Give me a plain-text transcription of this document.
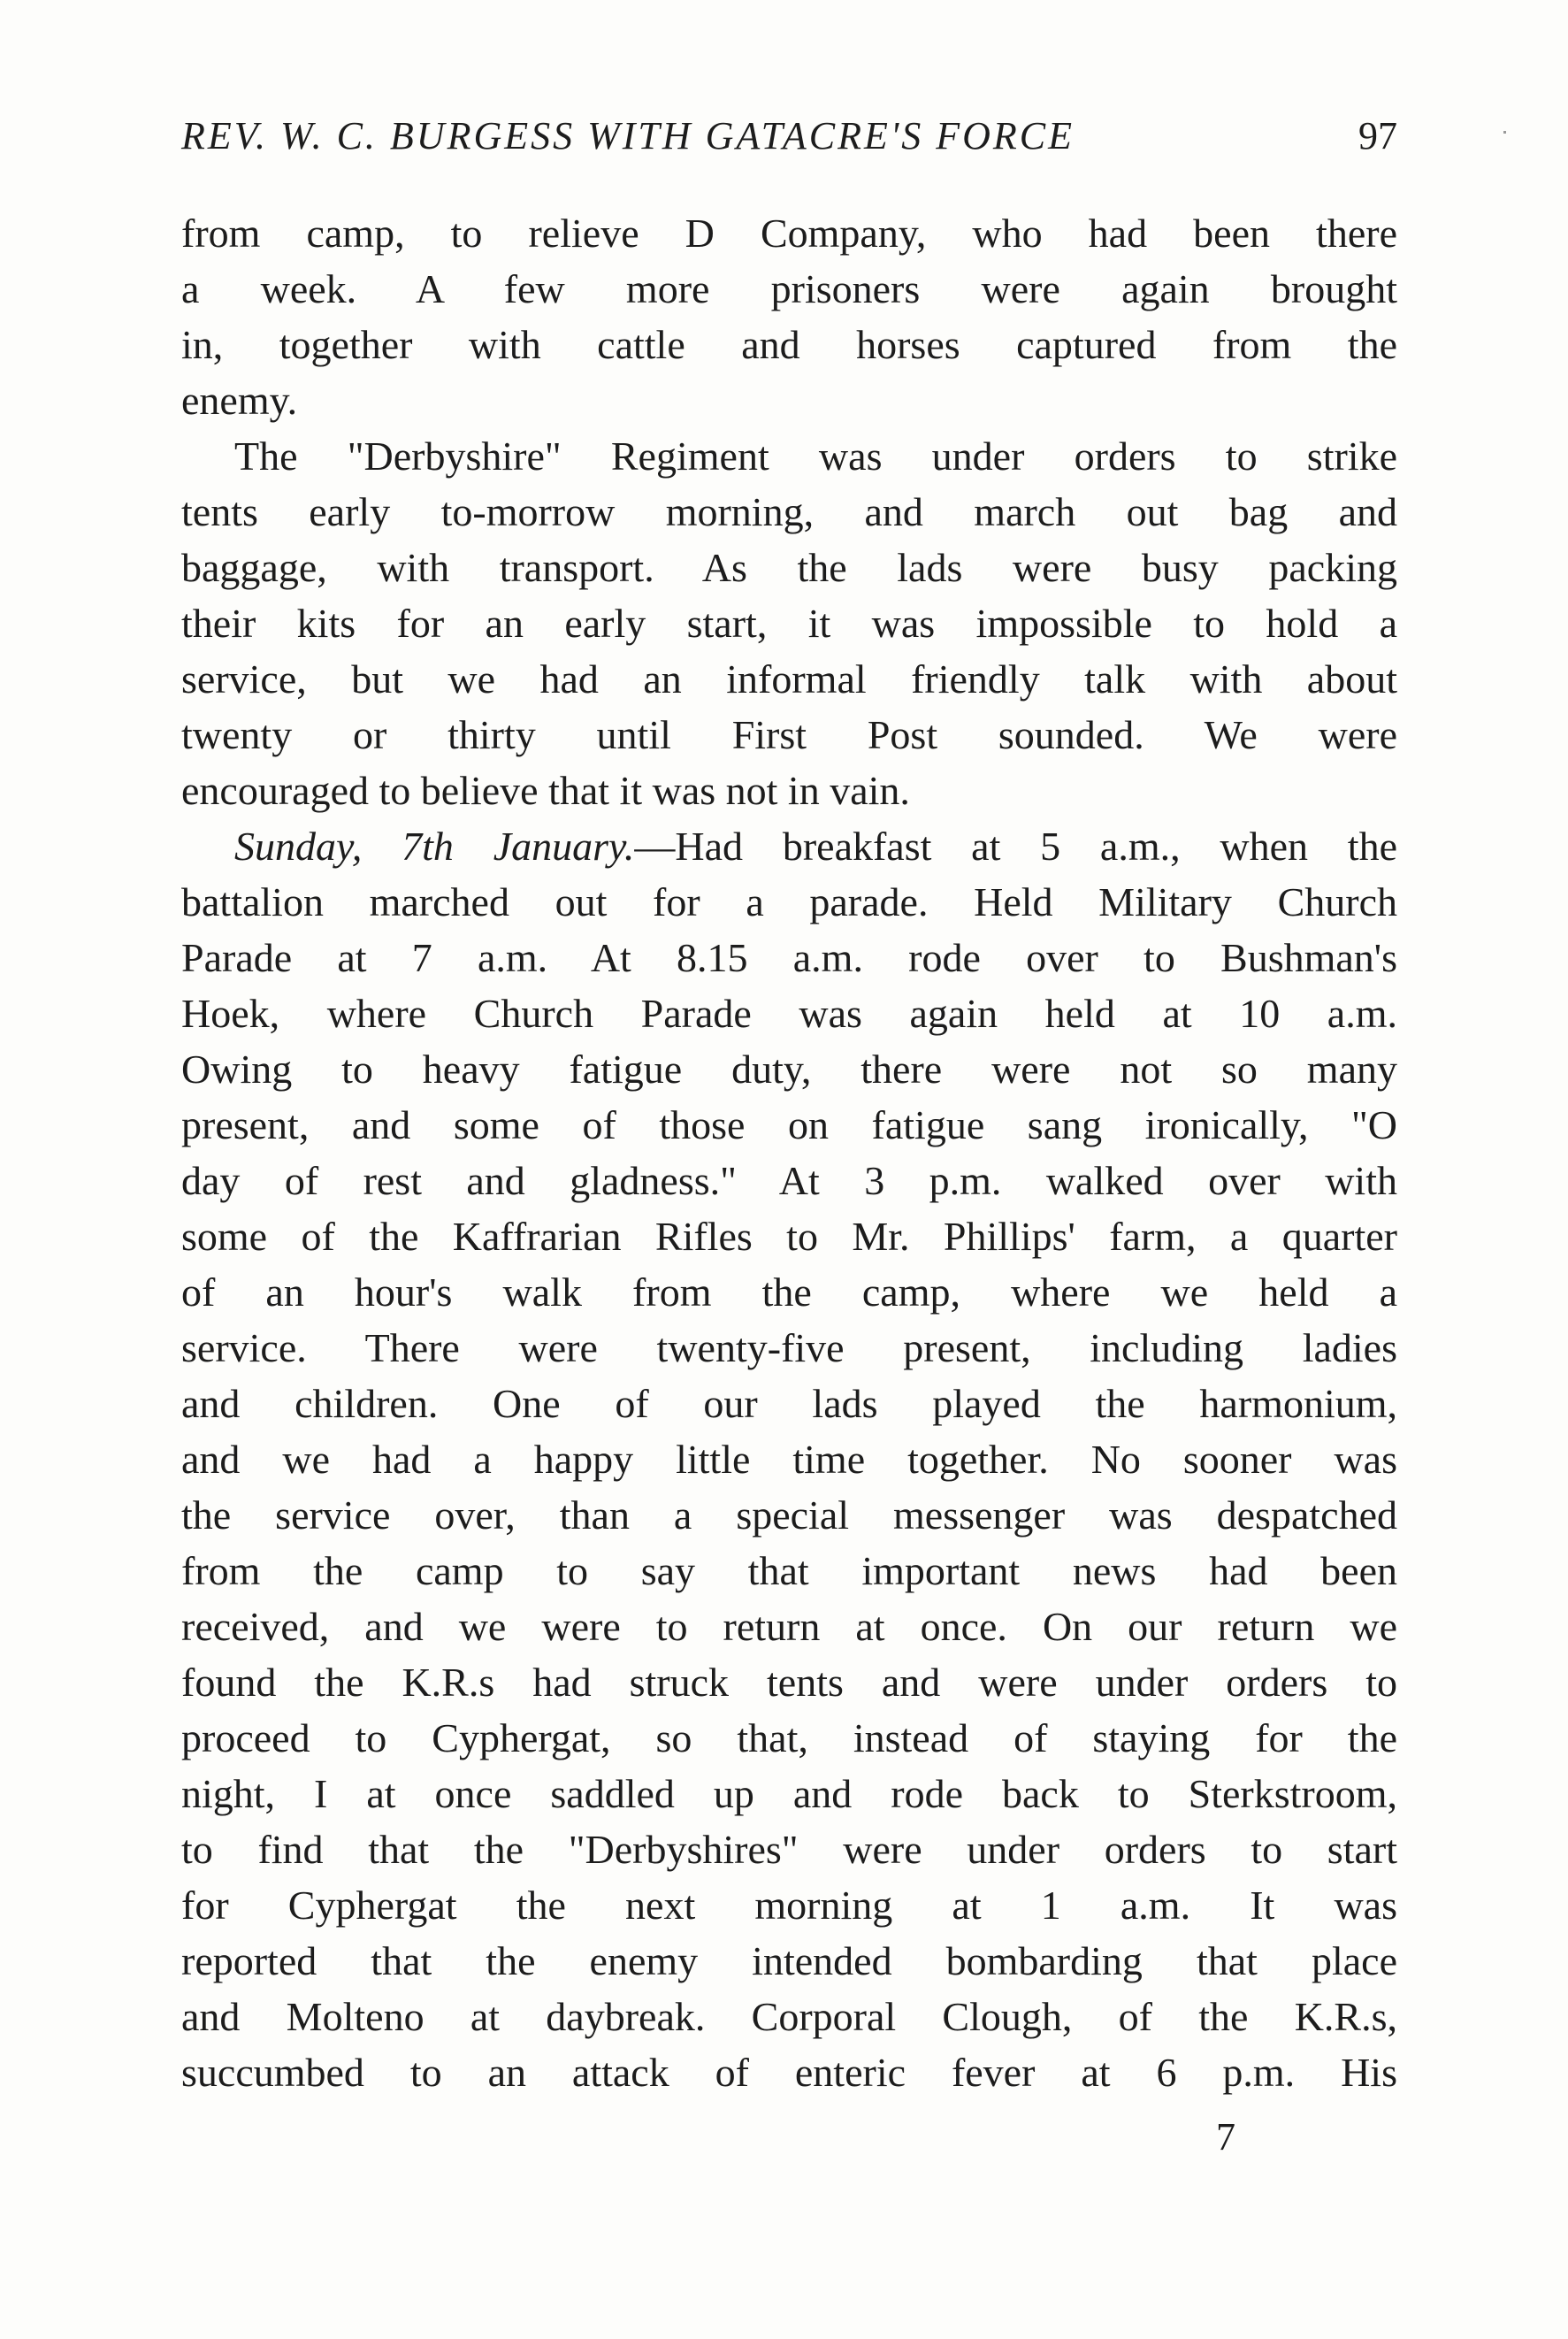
REV. W. C. BURGESS WITH GATACRE'S FORCE	97
from camp, to relieve D Company, who had been there
a week. A few more prisoners were again brought
in, together with cattle and horses captured from the
enemy.
The "Derbyshire" Regiment was under orders to strike
tents early to-morrow morning, and march out bag and
baggage, with transport. As the lads were busy packing
their kits for an early start, it was impossible to hold a
service, but we had an informal friendly talk with about
twenty or thirty until First Post sounded. We were
encouraged to believe that it was not in vain.
Sunday, 7th January.—Had breakfast at 5 a.m., when the
battalion marched out for a parade. Held Military Church
Parade at 7 a.m. At 8.15 a.m. rode over to Bushman's
Hoek, where Church Parade was again held at 10 a.m.
Owing to heavy fatigue duty, there were not so many
present, and some of those on fatigue sang ironically, "O
day of rest and gladness." At 3 p.m. walked over with
some of the Kaffrarian Rifles to Mr. Phillips' farm, a quarter
of an hour's walk from the camp, where we held a
service. There were twenty-five present, including ladies
and children. One of our lads played the harmonium,
and we had a happy little time together. No sooner was
the service over, than a special messenger was despatched
from the camp to say that important news had been
received, and we were to return at once. On our return we
found the K.R.s had struck tents and were under orders to
proceed to Cyphergat, so that, instead of staying for the
night, I at once saddled up and rode back to Sterkstroom,
to find that the "Derbyshires" were under orders to start
for Cyphergat the next morning at 1 a.m. It was
reported that the enemy intended bombarding that place
and Molteno at daybreak. Corporal Clough, of the K.R.s,
succumbed to an attack of enteric fever at 6 p.m. His
7
